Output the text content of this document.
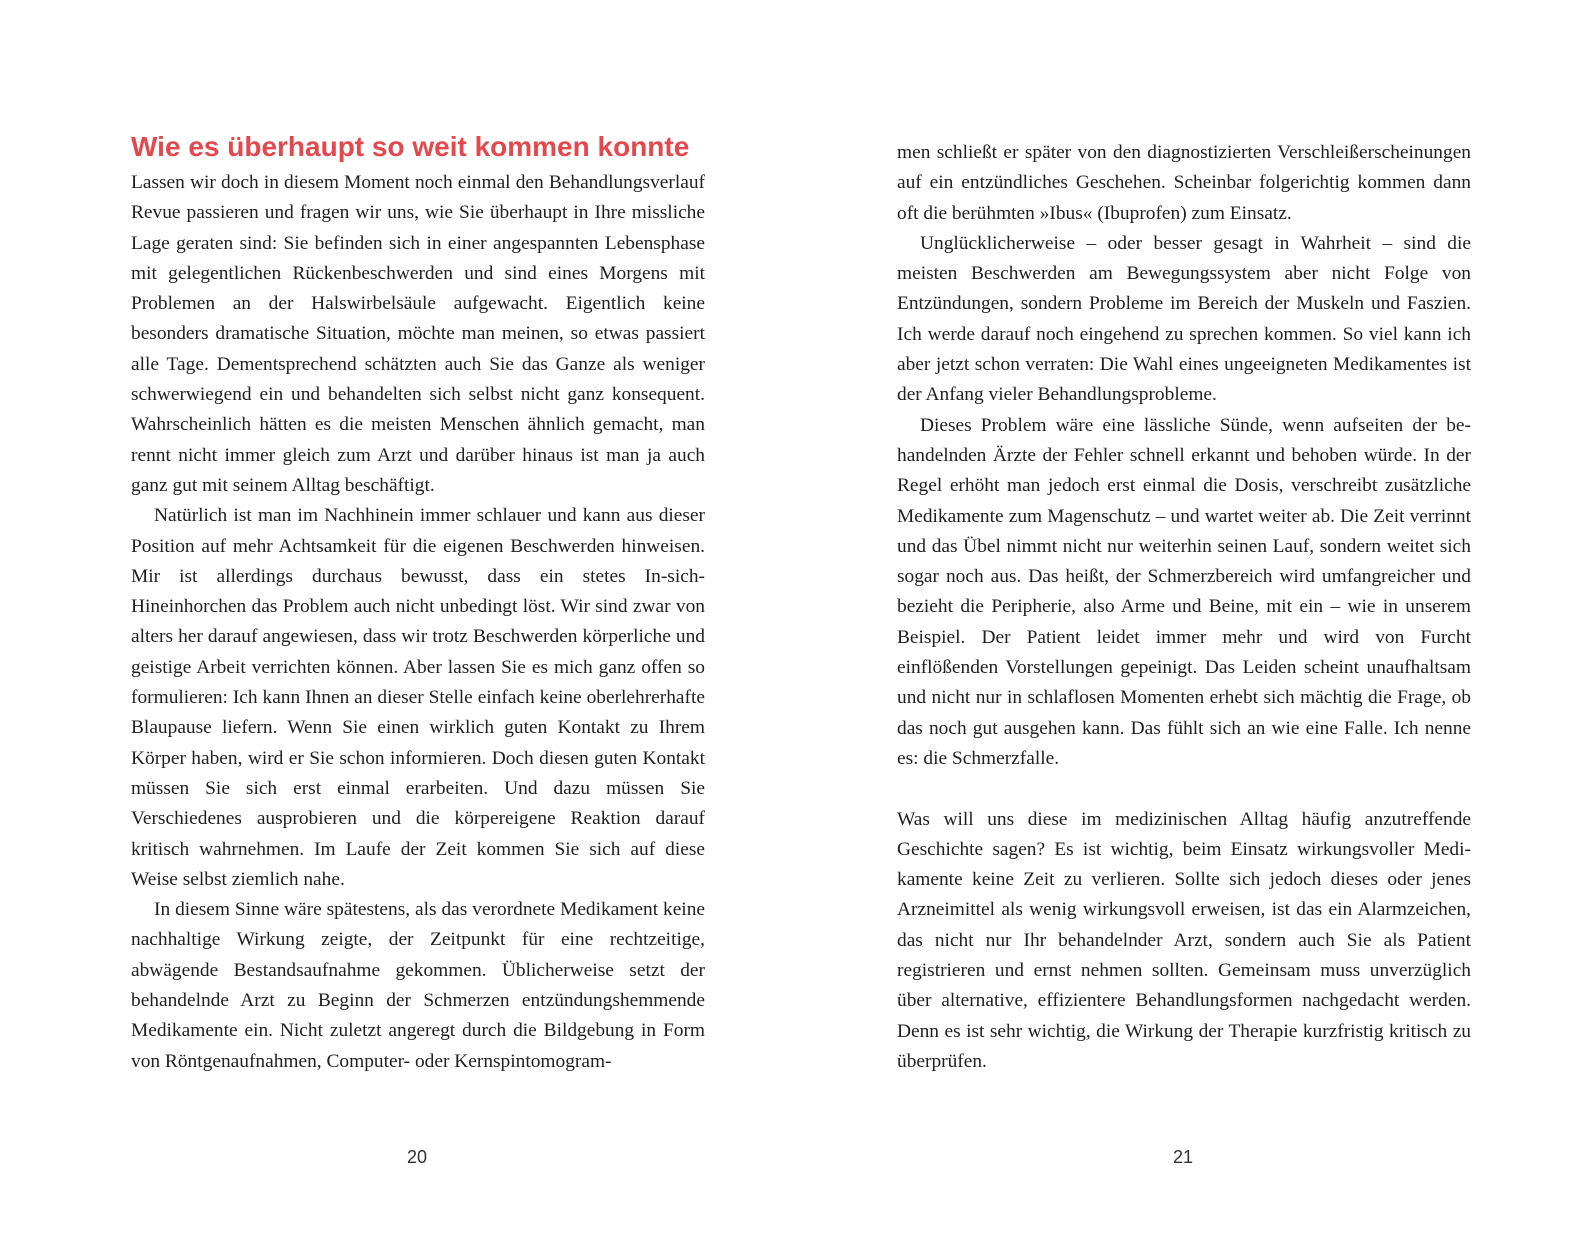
Wie es überhaupt so weit kommen konnte

Lassen wir doch in diesem Moment noch einmal den Behandlungsverlauf Revue passieren und fragen wir uns, wie Sie überhaupt in Ihre missliche Lage geraten sind: Sie befinden sich in einer angespannten Lebensphase mit gelegentlichen Rückenbeschwerden und sind eines Morgens mit Problemen an der Halswirbelsäule aufgewacht. Eigentlich keine besonders dramatische Situation, möchte man meinen, so etwas passiert alle Tage. Dementsprechend schätzten auch Sie das Ganze als weniger schwerwiegend ein und behandelten sich selbst nicht ganz konsequent. Wahrscheinlich hätten es die meisten Menschen ähnlich gemacht, man rennt nicht immer gleich zum Arzt und darüber hinaus ist man ja auch ganz gut mit seinem Alltag beschäftigt.

Natürlich ist man im Nachhinein immer schlauer und kann aus dieser Position auf mehr Achtsamkeit für die eigenen Beschwerden hinweisen. Mir ist allerdings durchaus bewusst, dass ein stetes In-sich-Hineinhorchen das Problem auch nicht unbedingt löst. Wir sind zwar von alters her darauf angewiesen, dass wir trotz Beschwerden körperliche und geistige Arbeit verrichten können. Aber lassen Sie es mich ganz offen so formulieren: Ich kann Ihnen an dieser Stelle einfach keine oberlehrerhafte Blaupause liefern. Wenn Sie einen wirklich guten Kontakt zu Ihrem Körper haben, wird er Sie schon informieren. Doch diesen guten Kontakt müssen Sie sich erst einmal erarbeiten. Und dazu müssen Sie Verschiedenes ausprobieren und die körpereigene Reaktion darauf kritisch wahrnehmen. Im Laufe der Zeit kommen Sie sich auf diese Weise selbst ziemlich nahe.

In diesem Sinne wäre spätestens, als das verordnete Medikament keine nachhaltige Wirkung zeigte, der Zeitpunkt für eine rechtzeitige, abwägende Bestandsaufnahme gekommen. Üblicherweise setzt der behandelnde Arzt zu Beginn der Schmerzen entzündungshemmende Medikamente ein. Nicht zuletzt angeregt durch die Bildgebung in Form von Röntgenaufnahmen, Computer- oder Kernspintomogram-

20

men schließt er später von den diagnostizierten Verschleißerscheinungen auf ein entzündliches Geschehen. Scheinbar folgerichtig kommen dann oft die berühmten »Ibus« (Ibuprofen) zum Einsatz.

Unglücklicherweise – oder besser gesagt in Wahrheit – sind die meisten Beschwerden am Bewegungssystem aber nicht Folge von Entzündungen, sondern Probleme im Bereich der Muskeln und Faszien. Ich werde darauf noch eingehend zu sprechen kommen. So viel kann ich aber jetzt schon verraten: Die Wahl eines ungeeigneten Medikamentes ist der Anfang vieler Behandlungsprobleme.

Dieses Problem wäre eine lässliche Sünde, wenn aufseiten der behandelnden Ärzte der Fehler schnell erkannt und behoben würde. In der Regel erhöht man jedoch erst einmal die Dosis, verschreibt zusätzliche Medikamente zum Magenschutz – und wartet weiter ab. Die Zeit verrinnt und das Übel nimmt nicht nur weiterhin seinen Lauf, sondern weitet sich sogar noch aus. Das heißt, der Schmerzbereich wird umfangreicher und bezieht die Peripherie, also Arme und Beine, mit ein – wie in unserem Beispiel. Der Patient leidet immer mehr und wird von Furcht einflößenden Vorstellungen gepeinigt. Das Leiden scheint unaufhaltsam und nicht nur in schlaflosen Momenten erhebt sich mächtig die Frage, ob das noch gut ausgehen kann. Das fühlt sich an wie eine Falle. Ich nenne es: die Schmerzfalle.

Was will uns diese im medizinischen Alltag häufig anzutreffende Geschichte sagen? Es ist wichtig, beim Einsatz wirkungsvoller Medikamente keine Zeit zu verlieren. Sollte sich jedoch dieses oder jenes Arzneimittel als wenig wirkungsvoll erweisen, ist das ein Alarmzeichen, das nicht nur Ihr behandelnder Arzt, sondern auch Sie als Patient registrieren und ernst nehmen sollten. Gemeinsam muss unverzüglich über alternative, effizientere Behandlungsformen nachgedacht werden. Denn es ist sehr wichtig, die Wirkung der Therapie kurzfristig kritisch zu überprüfen.

21
